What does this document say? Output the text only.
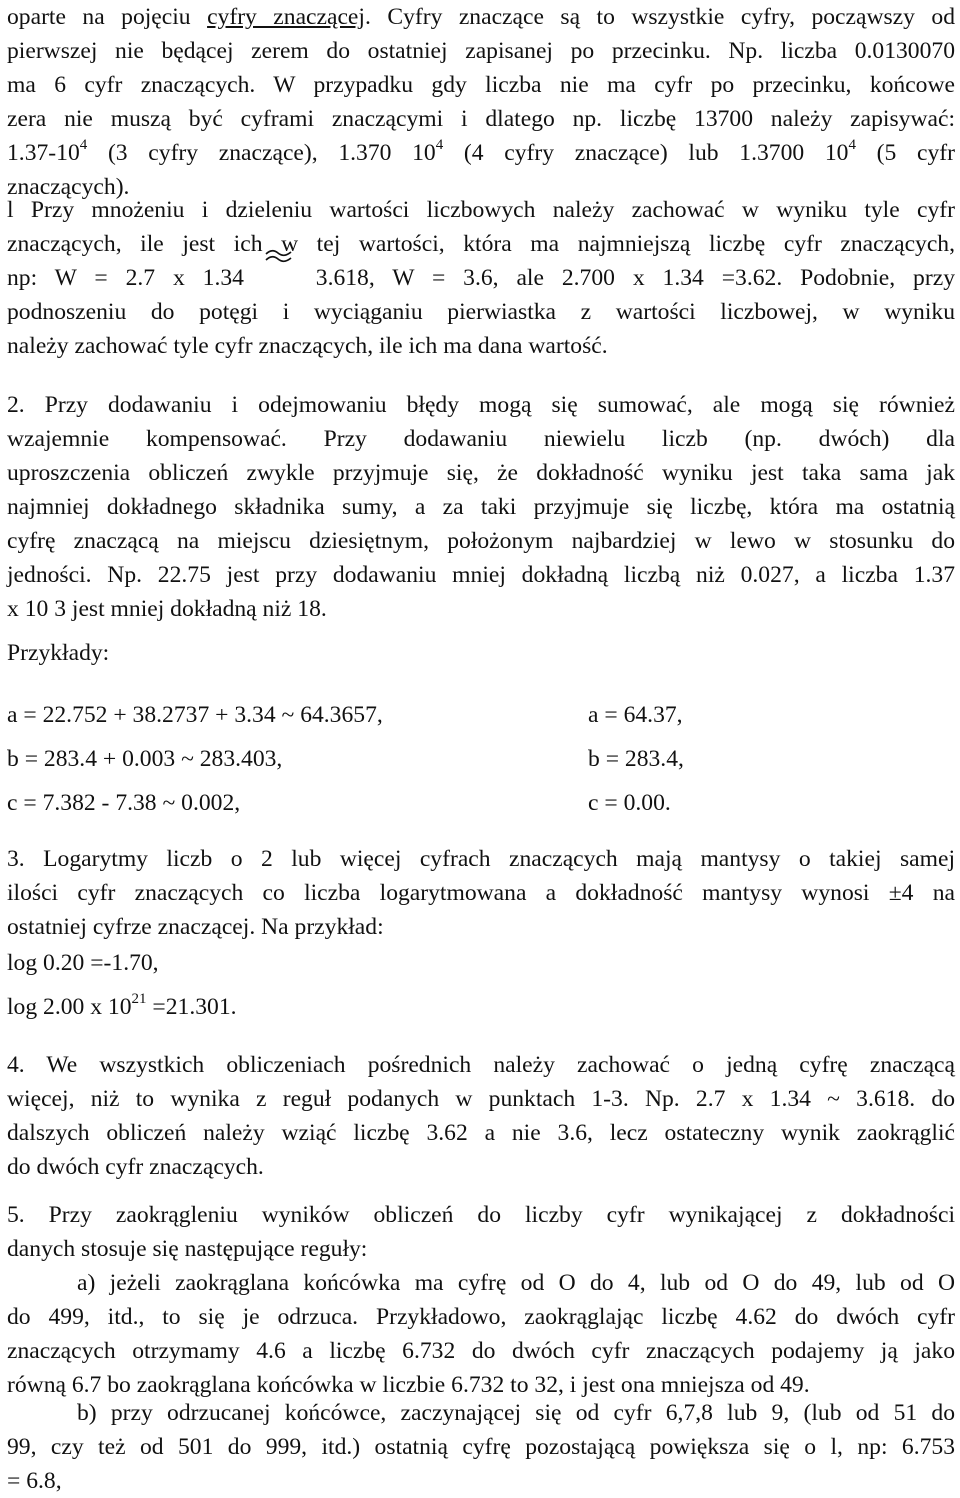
oparte na pojęciu cyfry znaczącej. Cyfry znaczące są to wszystkie cyfry, począwszy od
pierwszej nie będącej zerem do ostatniej zapisanej po przecinku. Np. liczba 0.0130070
ma 6 cyfr znaczących. W przypadku gdy liczba nie ma cyfr po przecinku, końcowe
zera nie muszą być cyframi znaczącymi i dlatego np. liczbę 13700 należy zapisywać:
$1.37-10^4$ (3 cyfry znaczące), 1.370 $10^4$ (4 cyfry znaczące) lub 1.3700 $10^4$ (5 cyfr
znaczących).
l Przy mnożeniu i dzieleniu wartości liczbowych należy zachować w wyniku tyle cyfr
znaczących, ile jest ich w tej wartości, która ma najmniejszą liczbę cyfr znaczących,
np: W = 2.7 x 1.34	3.618, W = 3.6, ale 2.700 x 1.34 =3.62. Podobnie, przy
podnoszeniu do potęgi i wyciąganiu pierwiastka z wartości liczbowej, w wyniku
należy zachować tyle cyfr znaczących, ile ich ma dana wartość.
2. Przy dodawaniu i odejmowaniu błędy mogą się sumować, ale mogą się również
wzajemnie kompensować. Przy dodawaniu niewielu liczb (np. dwóch) dla
uproszczenia obliczeń zwykle przyjmuje się, że dokładność wyniku jest taka sama jak
najmniej dokładnego składnika sumy, a za taki przyjmuje się liczbę, która ma ostatnią
cyfrę znaczącą na miejscu dziesiętnym, położonym najbardziej w lewo w stosunku do
jedności. Np. 22.75 jest przy dodawaniu mniej dokładną liczbą niż 0.027, a liczba 1.37
x 10 3 jest mniej dokładną niż 18.
Przykłady:
a = 22.752 + 38.2737 + 3.34 ~ 64.3657,	a = 64.37,
b = 283.4 + 0.003 ~ 283.403,	b = 283.4,
c = 7.382 - 7.38 ~ 0.002,	c = 0.00.
3. Logarytmy liczb o 2 lub więcej cyfrach znaczących mają mantysy o takiej samej
ilości cyfr znaczących co liczba logarytmowana a dokładność mantysy wynosi ±4 na
ostatniej cyfrze znaczącej. Na przykład:
log 0.20 =-1.70,
log 2.00 x $10^{21} =21.301$.
4. We wszystkich obliczeniach pośrednich należy zachować o jedną cyfrę znaczącą
więcej, niż to wynika z reguł podanych w punktach 1-3. Np. 2.7 x 1.34 ~ 3.618. do
dalszych obliczeń należy wziąć liczbę 3.62 a nie 3.6, lecz ostateczny wynik zaokrąglić
do dwóch cyfr znaczących.
5. Przy zaokrągleniu wyników obliczeń do liczby cyfr wynikającej z dokładności
danych stosuje się następujące reguły:
a) jeżeli zaokrąglana końcówka ma cyfrę od O do 4, lub od O do 49, lub od O
do 499, itd., to się je odrzuca. Przykładowo, zaokrąglając liczbę 4.62 do dwóch cyfr
znaczących otrzymamy 4.6 a liczbę 6.732 do dwóch cyfr znaczących podajemy ją jako
równą 6.7 bo zaokrąglana końcówka w liczbie 6.732 to 32, i jest ona mniejsza od 49.
b) przy odrzucanej końcówce, zaczynającej się od cyfr 6,7,8 lub 9, (lub od 51 do
99, czy też od 501 do 999, itd.) ostatnią cyfrę pozostającą powiększa się o l, np: 6.753
= 6.8,
